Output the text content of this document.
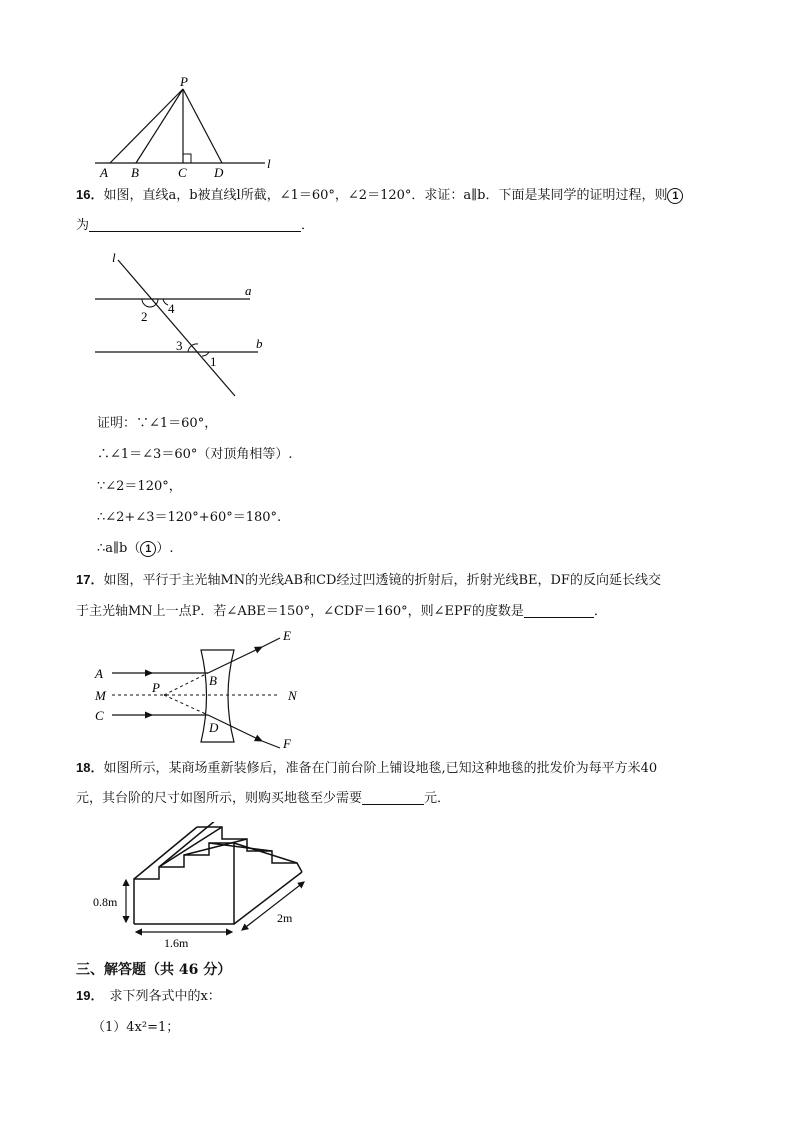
P
A B	C D
l
16．如图，直线a，b被直线l所截，∠1＝60°，∠2＝120°．求证：a∥b．下面是某同学的证明过程，则 1
为	．
l
a
b
2
4
3
1
证明：∵∠1＝60°，
∴∠1＝∠3＝60°（对顶角相等）.
∵∠2＝120°，
∴∠2+∠3＝120°+60°＝180°.
∴a∥b（ 1 ）.
17．如图，平行于主光轴MN的光线AB和CD经过凹透镜的折射后，折射光线BE，DF的反向延长线交
于主光轴MN上一点P．若∠ABE＝150°，∠CDF＝160°，则∠EPF的度数是	．
E
A	B
M
P
N
C
D
F
18．如图所示，某商场重新装修后，准备在门前台阶上铺设地毯,已知这种地毯的批发价为每平方米40
元，其台阶的尺寸如图所示，则购买地毯至少需要	元．
0.8m
1.6m
2m
三、解答题（共 46 分）
19． 求下列各式中的x：
（1）4x²=1；
